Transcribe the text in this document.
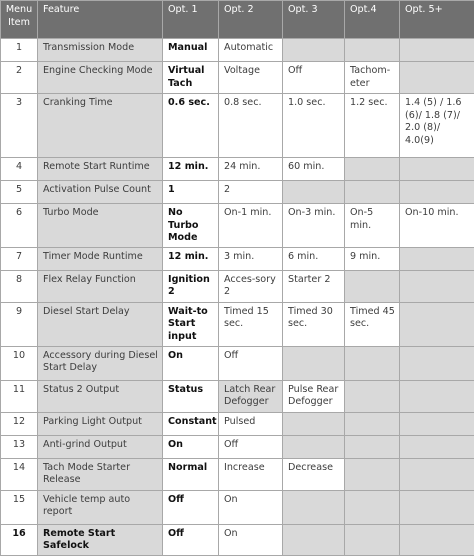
Menu Item	Feature	Opt. 1	Opt. 2	Opt. 3	Opt.4	Opt. 5+
1	Transmission Mode	Manual	Automatic			
2	Engine Checking Mode	Virtual Tach	Voltage	Off	Tachom-eter	
3	Cranking Time	0.6 sec.	0.8 sec.	1.0 sec.	1.2 sec.	1.4 (5) / 1.6 (6)/ 1.8 (7)/ 2.0 (8)/ 4.0(9)
4	Remote Start Runtime	12 min.	24 min.	60 min.		
5	Activation Pulse Count	1	2			
6	Turbo Mode	No Turbo Mode	On-1 min.	On-3 min.	On-5 min.	On-10 min.
7	Timer Mode Runtime	12 min.	3 min.	6 min.	9 min.	
8	Flex Relay Function	Ignition 2	Acces-sory 2	Starter 2		
9	Diesel Start Delay	Wait-to Start input	Timed 15 sec.	Timed 30 sec.	Timed 45 sec.	
10	Accessory during Diesel Start Delay	On	Off			
11	Status 2 Output	Status	Latch Rear Defogger	Pulse Rear Defogger		
12	Parking Light Output	Constant	Pulsed			
13	Anti-grind Output	On	Off			
14	Tach Mode Starter Release	Normal	Increase	Decrease		
15	Vehicle temp auto report	Off	On			
16	Remote Start Safelock	Off	On			
